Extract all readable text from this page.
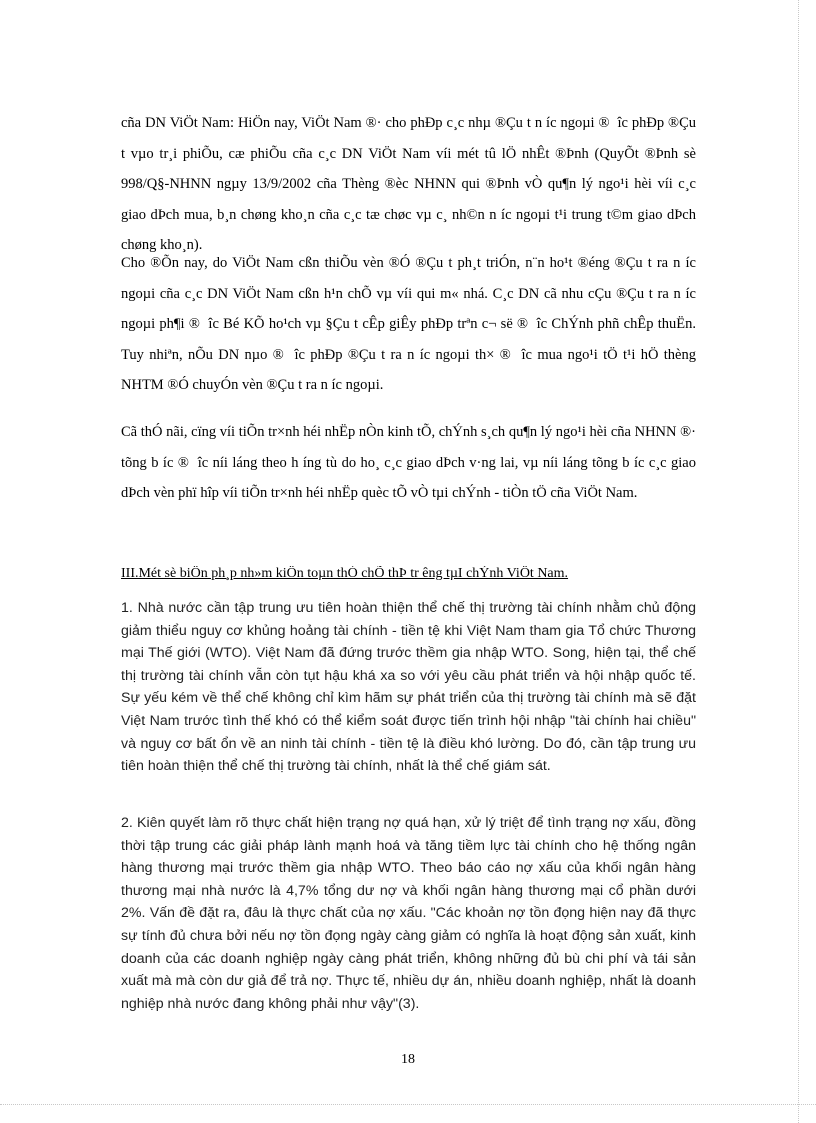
cña DN ViÖt Nam: HiÖn nay, ViÖt Nam ®· cho phÐp c¸c nhµ ®Çu t n íc ngoµi ® îc phÐp ®Çu t vµo tr¸i phiÕu, cæ phiÕu cña c¸c DN ViÖt Nam víi mét tû lÖ nhÊt ®Þnh (QuyÕt ®Þnh sè 998/Q§-NHNN ngµy 13/9/2002 cña Thèng ®èc NHNN qui ®Þnh vÒ qu¶n lý ngo¹i hèi víi c¸c giao dÞch mua, b¸n chøng kho¸n cña c¸c tæ chøc vµ c¸ nh©n n íc ngoµi t¹i trung t©m giao dÞch chøng kho¸n).

Cho ®Õn nay, do ViÖt Nam cßn thiÕu vèn ®Ó ®Çu t ph¸t triÓn, n¨n ho¹t ®éng ®Çu t ra n íc ngoµi cña c¸c DN ViÖt Nam cßn h¹n chÕ vµ víi qui m« nhá. C¸c DN cã nhu cÇu ®Çu t ra n íc ngoµi ph¶i ® îc Bé KÕ ho¹ch vµ §Çu t cÊp giÊy phÐp trªn c¬ së ® îc ChÝnh phñ chÊp thuËn. Tuy nhiªn, nÕu DN nµo ® îc phÐp ®Çu t ra n íc ngoµi th× ® îc mua ngo¹i tÖ t¹i hÖ thèng NHTM ®Ó chuyÓn vèn ®Çu t ra n íc ngoµi.

Cã thÓ nãi, cïng víi tiÕn tr×nh héi nhËp nÒn kinh tÕ, chÝnh s¸ch qu¶n lý ngo¹i hèi cña NHNN ®· tõng b íc ® îc níi láng theo h íng tù do ho¸ c¸c giao dÞch v·ng lai, vµ níi láng tõng b íc c¸c giao dÞch vèn phï hîp víi tiÕn tr×nh héi nhËp quèc tÕ vÒ tµi chÝnh - tiÒn tÖ cña ViÖt Nam.

III.Mét sè biÖn ph¸p nh»m kiÖn toµn thÓ chÕ thÞ tr êng tµI chÝnh ViÖt Nam.

1. Nhà nước cần tập trung ưu tiên hoàn thiện thể chế thị trường tài chính nhằm chủ động giảm thiểu nguy cơ khủng hoảng tài chính - tiền tệ khi Việt Nam tham gia Tổ chức Thương mại Thế giới (WTO). Việt Nam đã đứng trước thềm gia nhập WTO. Song, hiện tại, thể chế thị trường tài chính vẫn còn tụt hậu khá xa so với yêu cầu phát triển và hội nhập quốc tế. Sự yếu kém về thể chế không chỉ kìm hãm sự phát triển của thị trường tài chính mà sẽ đặt Việt Nam trước tình thế khó có thể kiểm soát được tiến trình hội nhập "tài chính hai chiều" và nguy cơ bất ổn về an ninh tài chính - tiền tệ là điều khó lường. Do đó, cần tập trung ưu tiên hoàn thiện thể chế thị trường tài chính, nhất là thể chế giám sát.

2. Kiên quyết làm rõ thực chất hiện trạng nợ quá hạn, xử lý triệt để tình trạng nợ xấu, đồng thời tập trung các giải pháp lành mạnh hoá và tăng tiềm lực tài chính cho hệ thống ngân hàng thương mại trước thềm gia nhập WTO. Theo báo cáo nợ xấu của khối ngân hàng thương mại nhà nước là 4,7% tổng dư nợ và khối ngân hàng thương mại cổ phần dưới 2%. Vấn đề đặt ra, đâu là thực chất của nợ xấu. "Các khoản nợ tồn đọng hiện nay đã thực sự tính đủ chưa bởi nếu nợ tồn đọng ngày càng giảm có nghĩa là hoạt động sản xuất, kinh doanh của các doanh nghiệp ngày càng phát triển, không những đủ bù chi phí và tái sản xuất mà mà còn dư giả để trả nợ. Thực tế, nhiều dự án, nhiều doanh nghiệp, nhất là doanh nghiệp nhà nước đang không phải như vậy"(3).

18
